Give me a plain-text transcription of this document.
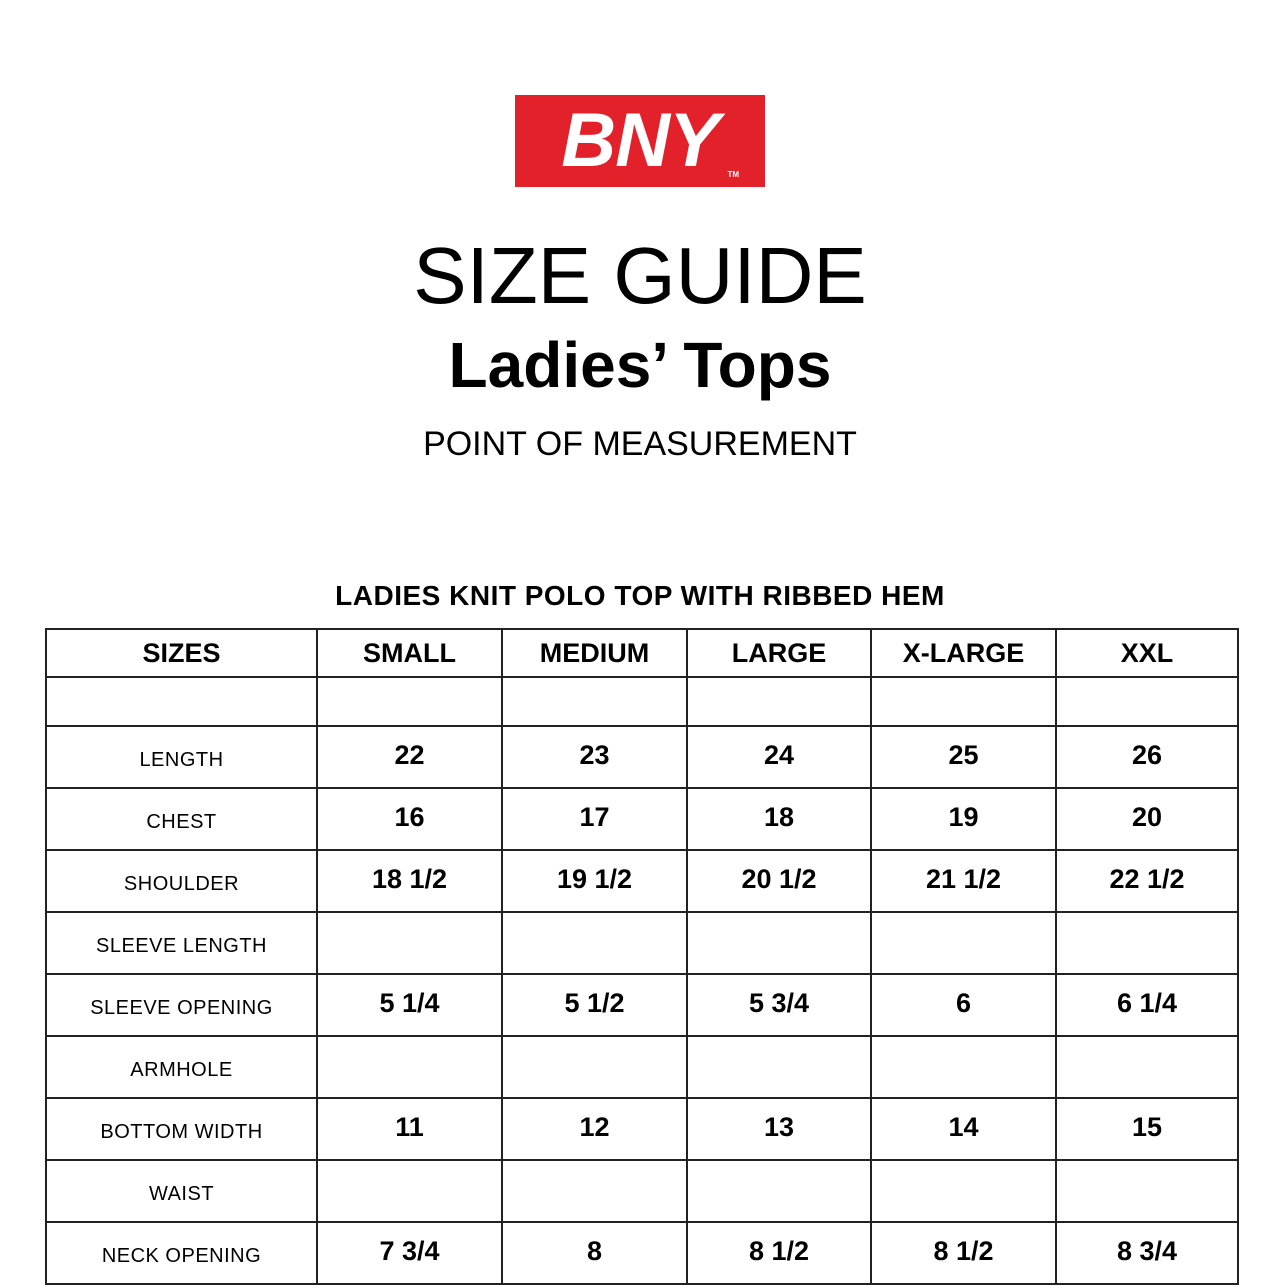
BNY	TM
SIZE GUIDE
Ladies’ Tops
POINT OF MEASUREMENT
LADIES KNIT POLO TOP WITH RIBBED HEM
SIZES	SMALL	MEDIUM	LARGE	X-LARGE	XXL

LENGTH	22	23	24	25	26
CHEST	16	17	18	19	20
SHOULDER	18 1/2	19 1/2	20 1/2	21 1/2	22 1/2
SLEEVE LENGTH					
SLEEVE OPENING	5 1/4	5 1/2	5 3/4	6	6 1/4
ARMHOLE					
BOTTOM WIDTH	11	12	13	14	15
WAIST					
NECK OPENING	7 3/4	8	8 1/2	8 1/2	8 3/4
